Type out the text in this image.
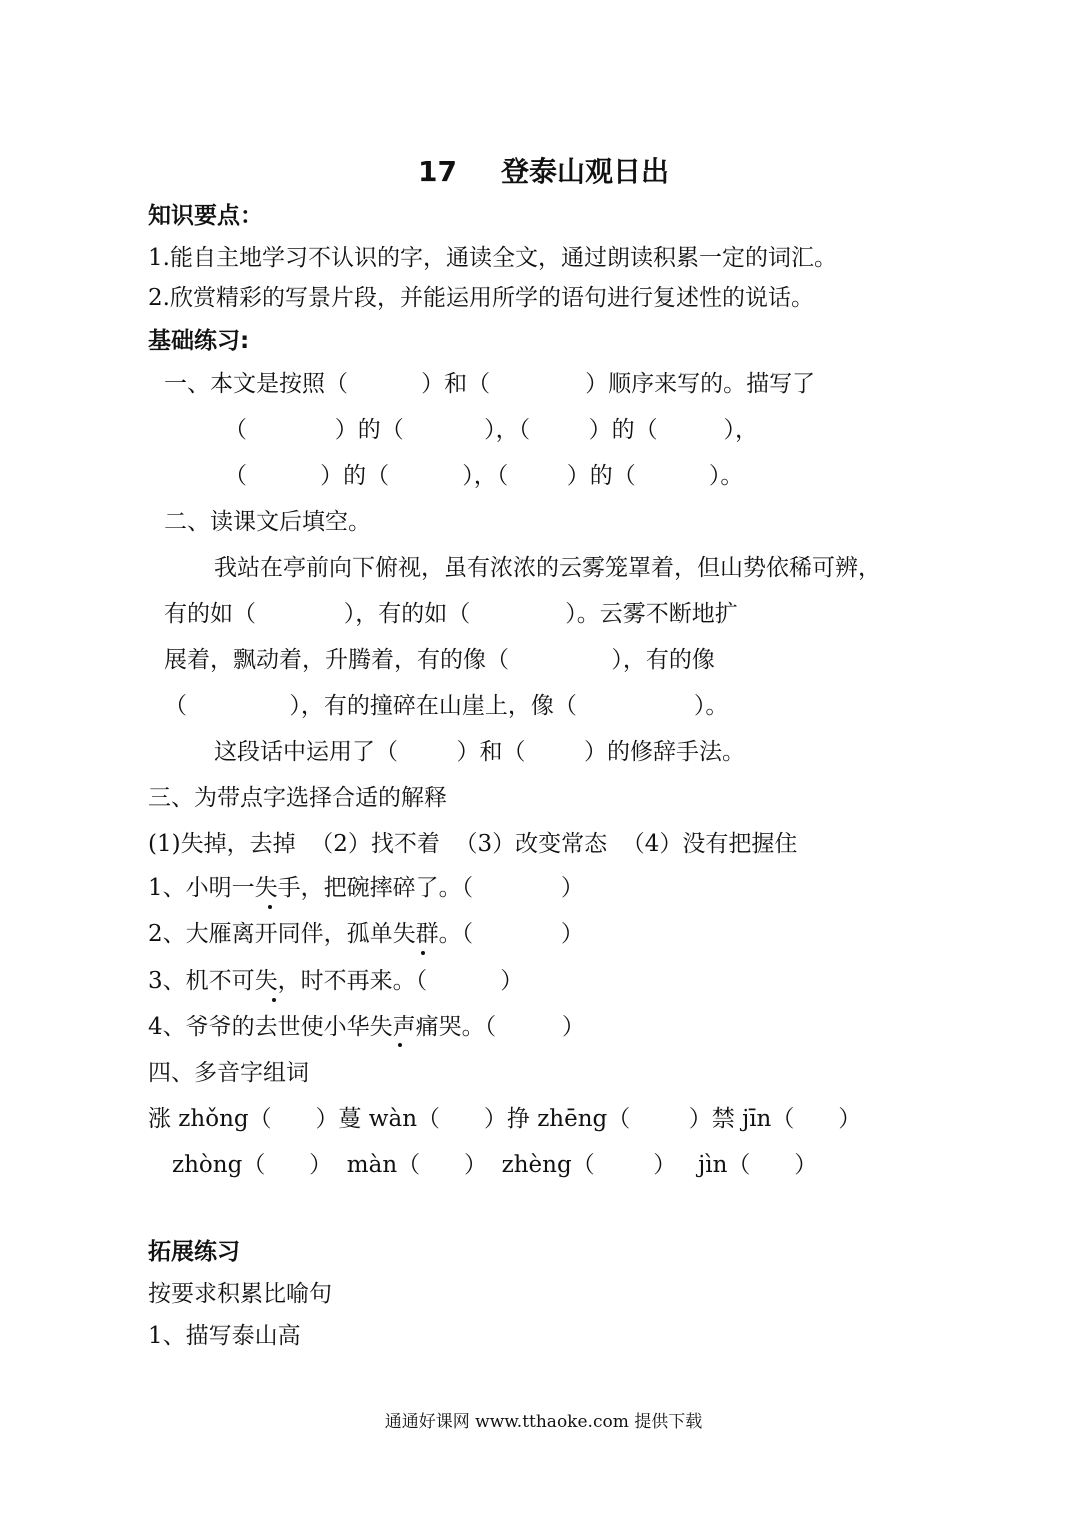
17 登泰山观日出
知识要点：
1.能自主地学习不认识的字，通读全文，通过朗读积累一定的词汇。
2.欣赏精彩的写景片段，并能运用所学的语句进行复述性的说话。
基础练习:
一、本文是按照（          ）和（             ）顺序来写的。描写了
（            ）的（           ），（        ）的（         ），
（          ）的（          ），（        ）的（          ）。
二、读课文后填空。
我站在亭前向下俯视，虽有浓浓的云雾笼罩着，但山势依稀可辨，
有的如（            ），有的如（             ）。云雾不断地扩
展着，飘动着，升腾着，有的像（              ），有的像
（              ），有的撞碎在山崖上，像（                ）。
这段话中运用了（        ）和（        ）的修辞手法。
三、为带点字选择合适的解释
(1)失掉，去掉  （2）找不着  （3）改变常态  （4）没有把握住
1、小明一失手，把碗摔碎了。（            ）
2、大雁离开同伴，孤单失群。（            ）
3、机不可失，时不再来。（          ）
4、爷爷的去世使小华失声痛哭。（         ）
四、多音字组词
涨 zhǒng（      ）蔓 wàn（      ）挣 zhēng（        ）禁 jīn（      ）
zhòng（      ）  màn（      ）  zhèng（        ）   jìn（      ）
拓展练习
按要求积累比喻句
1、描写泰山高
通通好课网 www.tthaoke.com 提供下载
